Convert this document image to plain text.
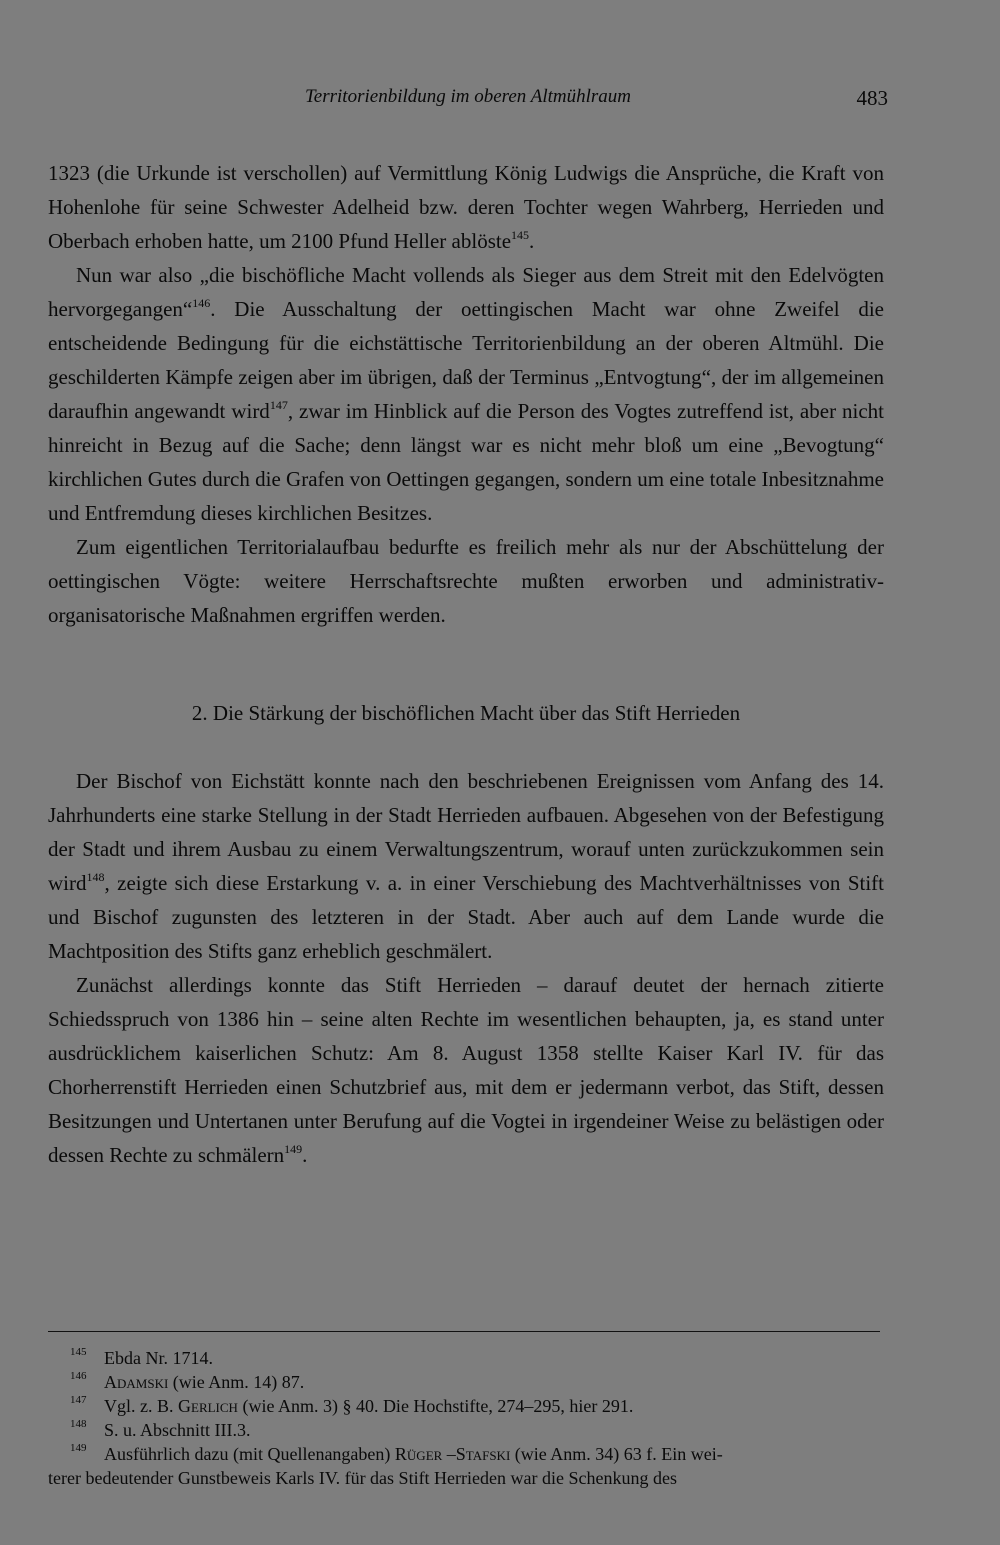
Territorienbildung im oberen Altmühlraum	483

1323 (die Urkunde ist verschollen) auf Vermittlung König Ludwigs die Ansprüche, die Kraft von Hohenlohe für seine Schwester Adelheid bzw. deren Tochter wegen Wahrberg, Herrieden und Oberbach erhoben hatte, um 2100 Pfund Heller ablöste$^{145}$.

Nun war also „die bischöfliche Macht vollends als Sieger aus dem Streit mit den Edelvögten hervorgegangen“$^{146}$. Die Ausschaltung der oettingischen Macht war ohne Zweifel die entscheidende Bedingung für die eichstättische Territorienbildung an der oberen Altmühl. Die geschilderten Kämpfe zeigen aber im übrigen, daß der Terminus „Entvogtung“, der im allgemeinen daraufhin angewandt wird$^{147}$, zwar im Hinblick auf die Person des Vogtes zutreffend ist, aber nicht hinreicht in Bezug auf die Sache; denn längst war es nicht mehr bloß um eine „Bevogtung“ kirchlichen Gutes durch die Grafen von Oettingen gegangen, sondern um eine totale Inbesitznahme und Entfremdung dieses kirchlichen Besitzes.

Zum eigentlichen Territorialaufbau bedurfte es freilich mehr als nur der Abschüttelung der oettingischen Vögte: weitere Herrschaftsrechte mußten erworben und administrativ-organisatorische Maßnahmen ergriffen werden.

2. Die Stärkung der bischöflichen Macht über das Stift Herrieden

Der Bischof von Eichstätt konnte nach den beschriebenen Ereignissen vom Anfang des 14. Jahrhunderts eine starke Stellung in der Stadt Herrieden aufbauen. Abgesehen von der Befestigung der Stadt und ihrem Ausbau zu einem Verwaltungszentrum, worauf unten zurückzukommen sein wird$^{148}$, zeigte sich diese Erstarkung v. a. in einer Verschiebung des Machtverhältnisses von Stift und Bischof zugunsten des letzteren in der Stadt. Aber auch auf dem Lande wurde die Machtposition des Stifts ganz erheblich geschmälert.

Zunächst allerdings konnte das Stift Herrieden – darauf deutet der hernach zitierte Schiedsspruch von 1386 hin – seine alten Rechte im wesentlichen behaupten, ja, es stand unter ausdrücklichem kaiserlichen Schutz: Am 8. August 1358 stellte Kaiser Karl IV. für das Chorherrenstift Herrieden einen Schutzbrief aus, mit dem er jedermann verbot, das Stift, dessen Besitzungen und Untertanen unter Berufung auf die Vogtei in irgendeiner Weise zu belästigen oder dessen Rechte zu schmälern$^{149}$.

145 Ebda Nr. 1714.
146 Adamski (wie Anm. 14) 87.
147 Vgl. z. B. Gerlich (wie Anm. 3) § 40. Die Hochstifte, 274–295, hier 291.
148 S. u. Abschnitt III.3.
149 Ausführlich dazu (mit Quellenangaben) Rüger –Stafski (wie Anm. 34) 63 f. Ein wei-
terer bedeutender Gunstbeweis Karls IV. für das Stift Herrieden war die Schenkung des
